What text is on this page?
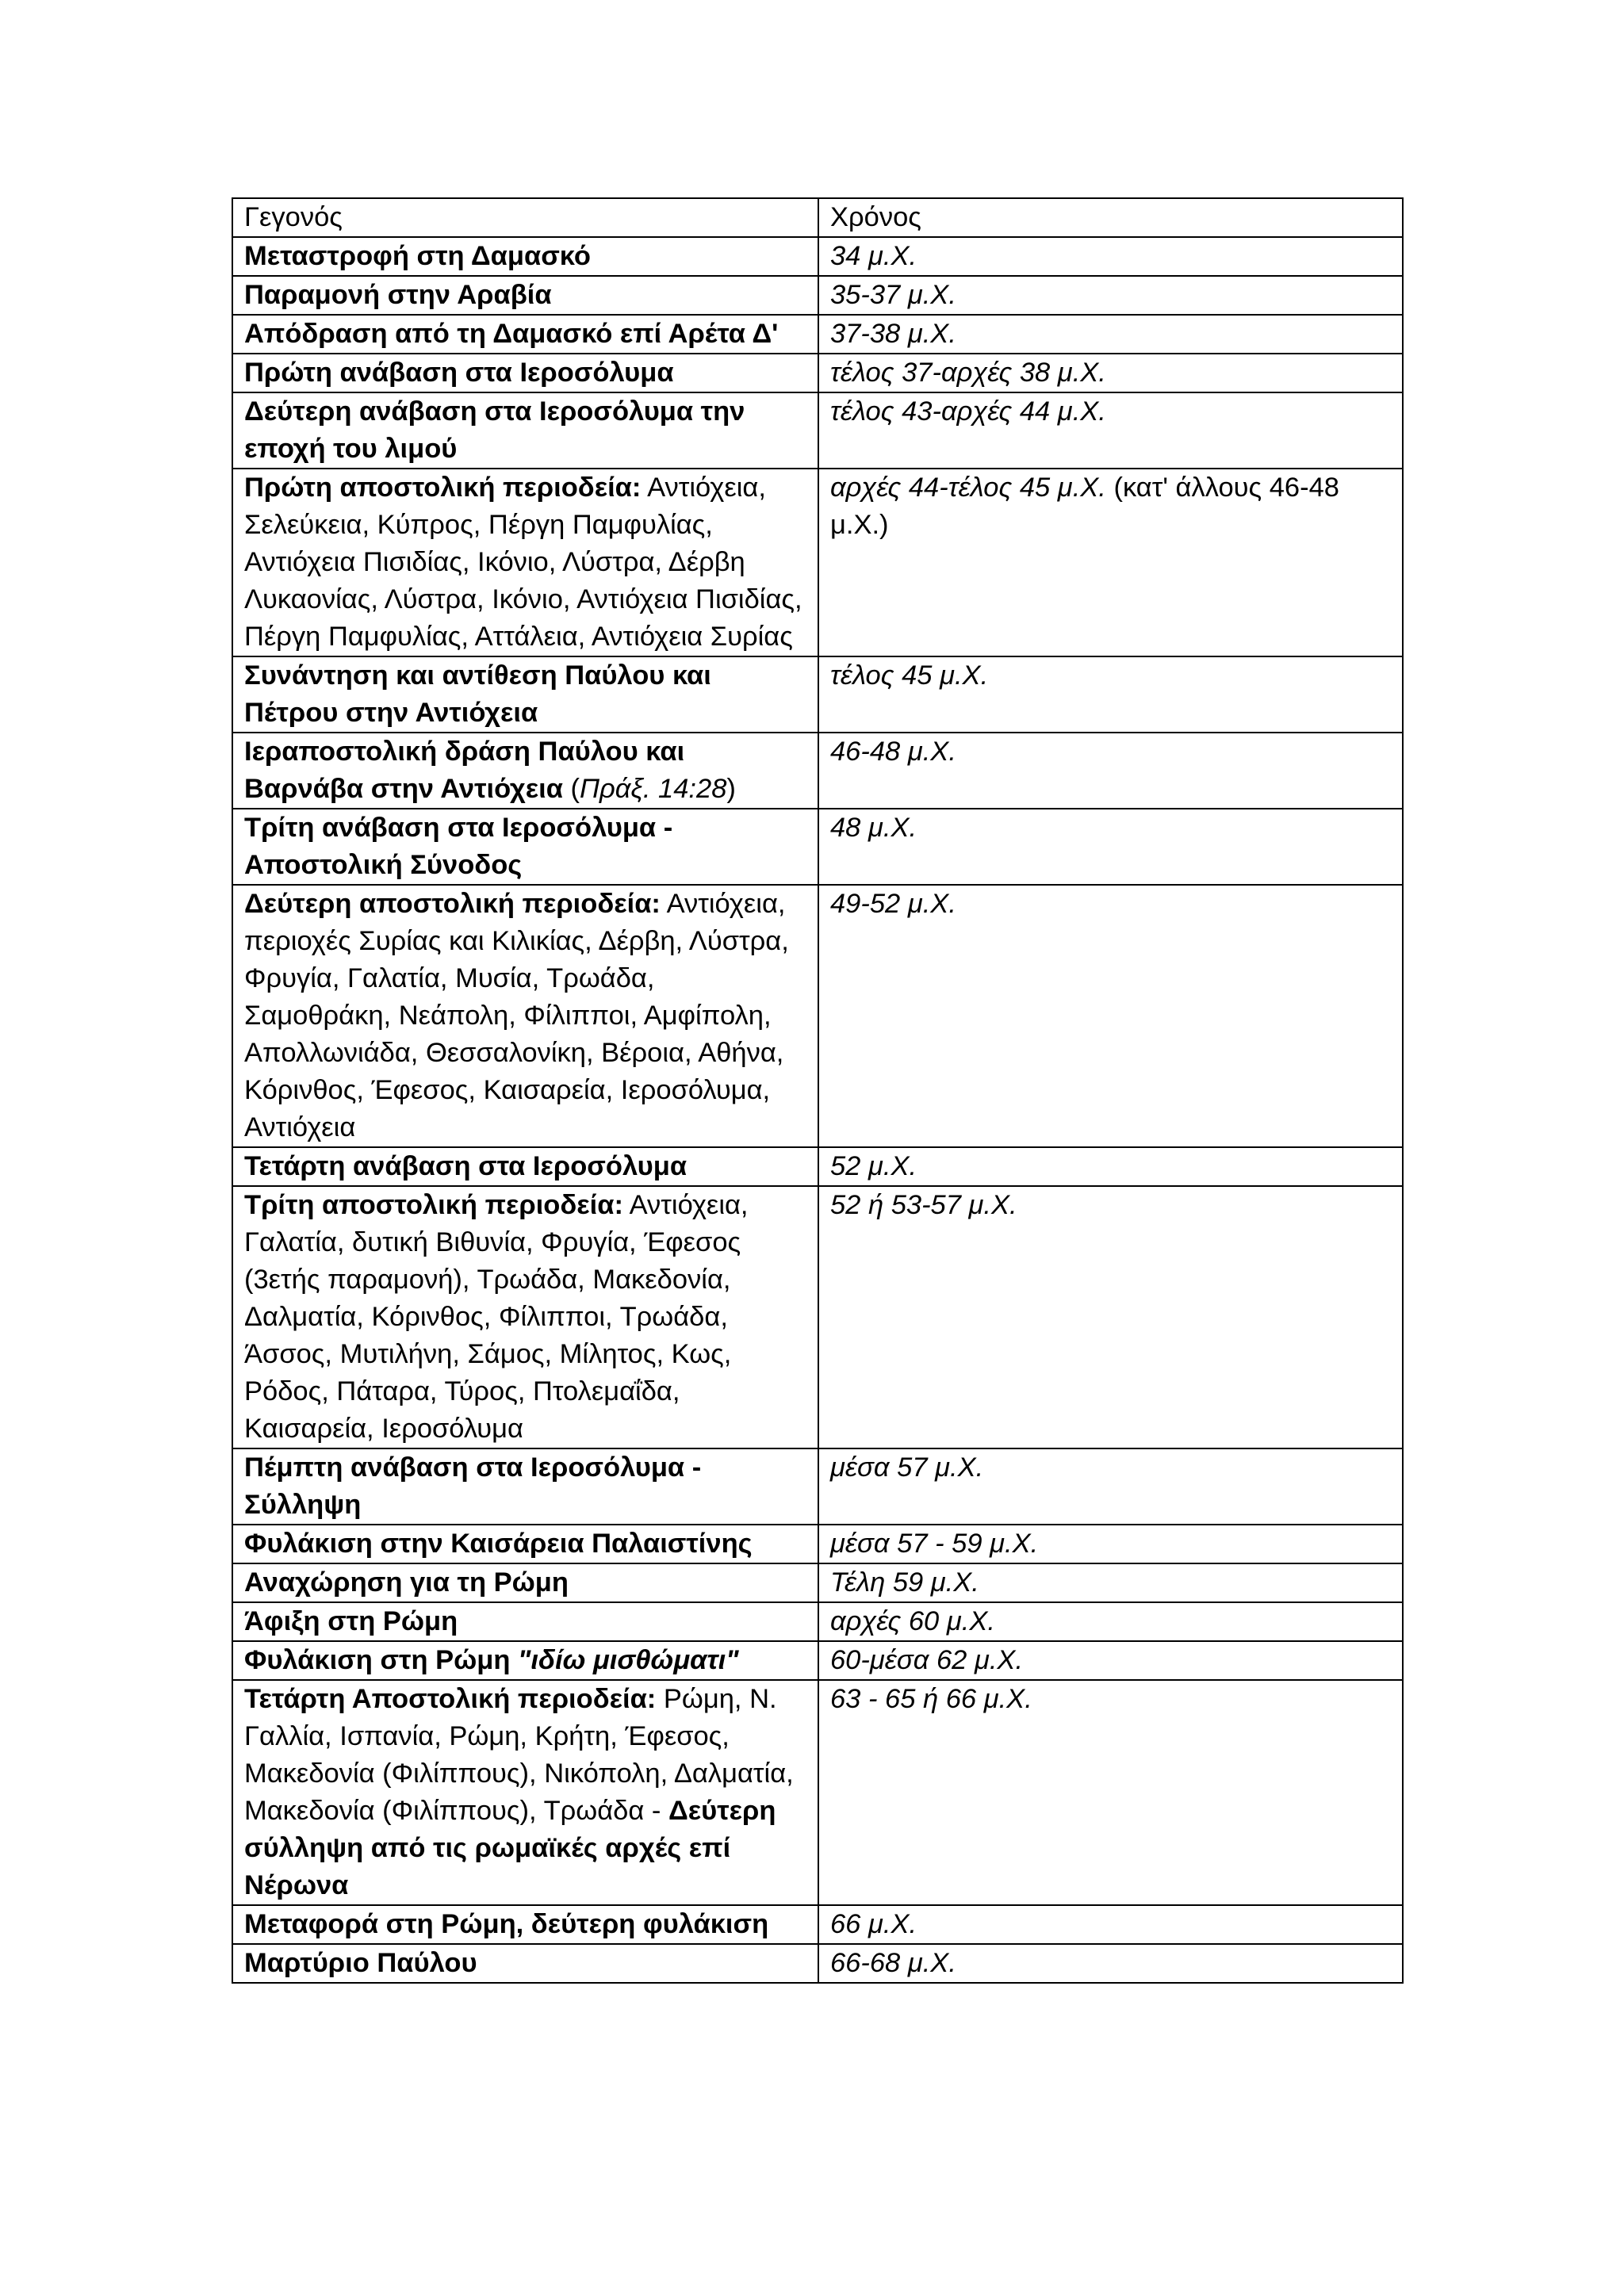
Γεγονός	Χρόνος
Μεταστροφή στη Δαμασκό	34 μ.Χ.
Παραμονή στην Αραβία	35-37 μ.Χ.
Απόδραση από τη Δαμασκό επί Αρέτα Δ'	37-38 μ.Χ.
Πρώτη ανάβαση στα Ιεροσόλυμα	τέλος 37-αρχές 38 μ.Χ.
Δεύτερη ανάβαση στα Ιεροσόλυμα την εποχή του λιμού	τέλος 43-αρχές 44 μ.Χ.
Πρώτη αποστολική περιοδεία: Αντιόχεια, Σελεύκεια, Κύπρος, Πέργη Παμφυλίας, Αντιόχεια Πισιδίας, Ικόνιο, Λύστρα, Δέρβη Λυκαονίας, Λύστρα, Ικόνιο, Αντιόχεια Πισιδίας, Πέργη Παμφυλίας, Αττάλεια, Αντιόχεια Συρίας	αρχές 44-τέλος 45 μ.Χ. (κατ' άλλους 46-48 μ.Χ.)
Συνάντηση και αντίθεση Παύλου και Πέτρου στην Αντιόχεια	τέλος 45 μ.Χ.
Ιεραποστολική δράση Παύλου και Βαρνάβα στην Αντιόχεια (Πράξ. 14:28)	46-48 μ.Χ.
Τρίτη ανάβαση στα Ιεροσόλυμα - Αποστολική Σύνοδος	48 μ.Χ.
Δεύτερη αποστολική περιοδεία: Αντιόχεια, περιοχές Συρίας και Κιλικίας, Δέρβη, Λύστρα, Φρυγία, Γαλατία, Μυσία, Τρωάδα, Σαμοθράκη, Νεάπολη, Φίλιπποι, Αμφίπολη, Απολλωνιάδα, Θεσσαλονίκη, Βέροια, Αθήνα, Κόρινθος, Έφεσος, Καισαρεία, Ιεροσόλυμα, Αντιόχεια	49-52 μ.Χ.
Τετάρτη ανάβαση στα Ιεροσόλυμα	52 μ.Χ.
Τρίτη αποστολική περιοδεία: Αντιόχεια, Γαλατία, δυτική Βιθυνία, Φρυγία, Έφεσος (3ετής παραμονή), Τρωάδα, Μακεδονία, Δαλματία, Κόρινθος, Φίλιπποι, Τρωάδα, Άσσος, Μυτιλήνη, Σάμος, Μίλητος, Κως, Ρόδος, Πάταρα, Τύρος, Πτολεμαΐδα, Καισαρεία, Ιεροσόλυμα	52 ή 53-57 μ.Χ.
Πέμπτη ανάβαση στα Ιεροσόλυμα - Σύλληψη	μέσα 57 μ.Χ.
Φυλάκιση στην Καισάρεια Παλαιστίνης	μέσα 57 - 59 μ.Χ.
Αναχώρηση για τη Ρώμη	Τέλη 59 μ.Χ.
Άφιξη στη Ρώμη	αρχές 60 μ.Χ.
Φυλάκιση στη Ρώμη "ιδίω μισθώματι"	60-μέσα 62 μ.Χ.
Τετάρτη Αποστολική περιοδεία: Ρώμη, Ν. Γαλλία, Ισπανία, Ρώμη, Κρήτη, Έφεσος, Μακεδονία (Φιλίππους), Νικόπολη, Δαλματία, Μακεδονία (Φιλίππους), Τρωάδα - Δεύτερη σύλληψη από τις ρωμαϊκές αρχές επί Νέρωνα	63 - 65 ή 66 μ.Χ.
Μεταφορά στη Ρώμη, δεύτερη φυλάκιση	66 μ.Χ.
Μαρτύριο Παύλου	66-68 μ.Χ.
